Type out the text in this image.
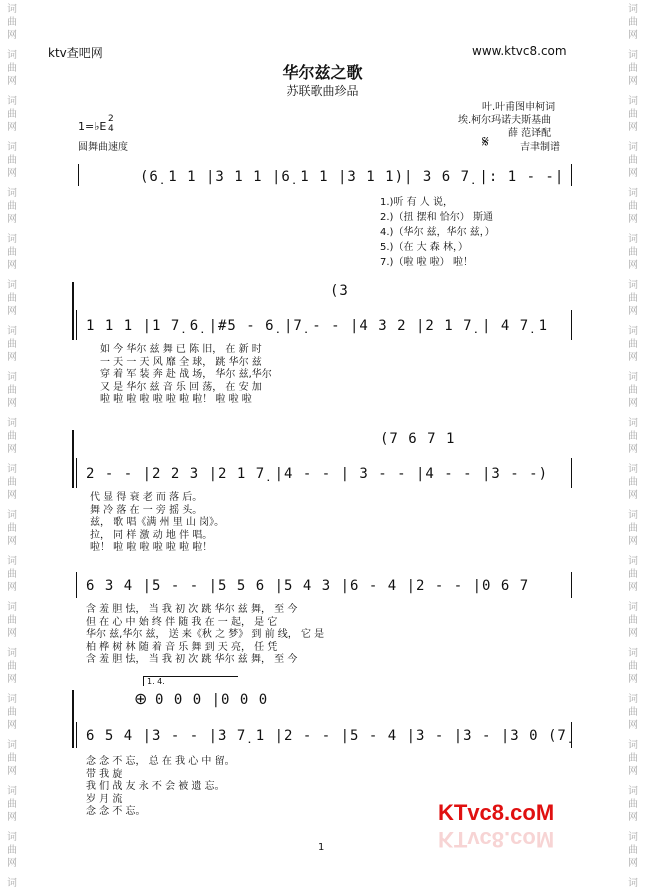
词
曲
网
词
曲
网
词
曲
网
词
曲
网
词
曲
网
词
曲
网
词
曲
网
词
曲
网
词
曲
网
词
曲
网
词
曲
网
词
曲
网
词
曲
网
词
曲
网
词
曲
网
词
曲
网
词
曲
网
词
曲
网
词
曲
网
词
词
曲
网
词
曲
网
词
曲
网
词
曲
网
词
曲
网
词
曲
网
词
曲
网
词
曲
网
词
曲
网
词
曲
网
词
曲
网
词
曲
网
词
曲
网
词
曲
网
词
曲
网
词
曲
网
词
曲
网
词
曲
网
词
曲
网
词
ktv查吧网	www.ktvc8.com
华尔兹之歌
苏联歌曲珍品
1=♭E
2
4
圆舞曲速度
叶.叶甫图申柯词
埃.柯尔玛诺夫斯基曲
薛 范译配
𝄋	吉聿制谱
(6̣ 1 1 |3 1 1 |6̣ 1 1 |3 1 1)| 3 6 7̣ |: 1 - -|
1.)听 有 人 说，
2.)（扭 摆和 恰尔） 斯通
4.)（华尔 兹，华尔 兹，）
5.)（在 大 森 林，）
7.)（啦 啦 啦） 啦！
(3
1 1 1 |1 7̣ 6̣ |#5 - 6̣ |7̣ - - |4 3 2 |2 1 7̣ | 4 7̣ 1
如 今 华尔 兹 舞 已 陈 旧， 在 新 时
一 天 一 天 风 靡 全 球， 跳 华尔 兹
穿 着 军 装 奔 赴 战 场， 华尔 兹,华尔
又 是 华尔 兹 音 乐 回 荡， 在 安 加
啦 啦 啦 啦 啦 啦 啦 啦！ 啦 啦 啦
(7 6 7 1
2 - - |2 2 3 |2 1 7̣ |4 - - | 3 - - |4 - - |3 - -)
代 显 得 衰 老 而 落 后。
舞 冷 落 在 一 旁 摇 头。
兹， 歌 唱《满 州 里 山 岗》。
拉， 同 样 激 动 地 伴 唱。
啦！ 啦 啦 啦 啦 啦 啦 啦！
6 3 4 |5 - - |5 5 6 |5 4 3 |6 - 4 |2 - - |0 6 7
含 羞 胆 怯， 当 我 初 次 跳 华尔 兹 舞， 至 今
但 在 心 中 始 终 伴 随 我 在 一 起， 是 它
华尔 兹,华尔 兹， 送 来《秋 之 梦》 到 前 线， 它 是
柏 桦 树 林 随 着 音 乐 舞 到 天 亮， 任 凭
含 羞 胆 怯， 当 我 初 次 跳 华尔 兹 舞， 至 今
1. 4.
⊕ 0 0 0 |0 0 0
6 5 4 |3 - - |3 7̣ 1 |2 - - |5 - 4 |3 - |3 - |3 0 (7̣
念 念 不 忘， 总 在 我 心 中 留。
带 我 旋
我 们 战 友 永 不 会 被 遗 忘。
岁 月 流
念 念 不 忘。	KTvc8.coM
KTvc8.coM
1
